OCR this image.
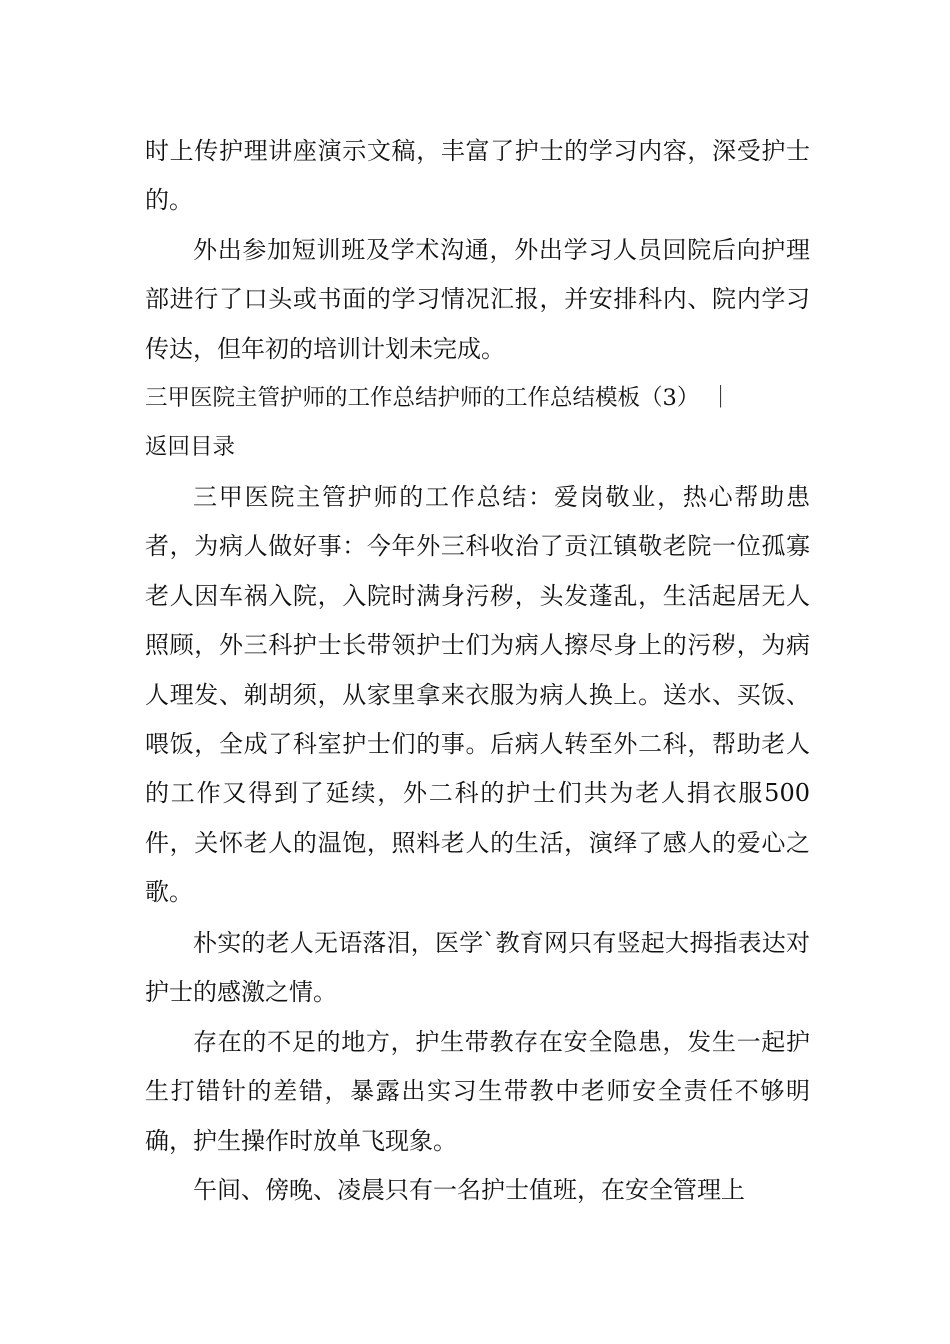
时上传护理讲座演示文稿，丰富了护士的学习内容，深受护士的。

外出参加短训班及学术沟通，外出学习人员回院后向护理部进行了口头或书面的学习情况汇报，并安排科内、院内学习传达，但年初的培训计划未完成。

三甲医院主管护师的工作总结护师的工作总结模板（3） ｜
返回目录

三甲医院主管护师的工作总结：爱岗敬业，热心帮助患者，为病人做好事：今年外三科收治了贡江镇敬老院一位孤寡老人因车祸入院，入院时满身污秽，头发蓬乱，生活起居无人照顾，外三科护士长带领护士们为病人擦尽身上的污秽，为病人理发、剃胡须，从家里拿来衣服为病人换上。送水、买饭、喂饭，全成了科室护士们的事。后病人转至外二科，帮助老人的工作又得到了延续，外二科的护士们共为老人捐衣服500件，关怀老人的温饱，照料老人的生活，演绎了感人的爱心之歌。

朴实的老人无语落泪，医学`教育网只有竖起大拇指表达对护士的感激之情。

存在的不足的地方，护生带教存在安全隐患，发生一起护生打错针的差错，暴露出实习生带教中老师安全责任不够明确，护生操作时放单飞现象。

午间、傍晚、凌晨只有一名护士值班，在安全管理上
